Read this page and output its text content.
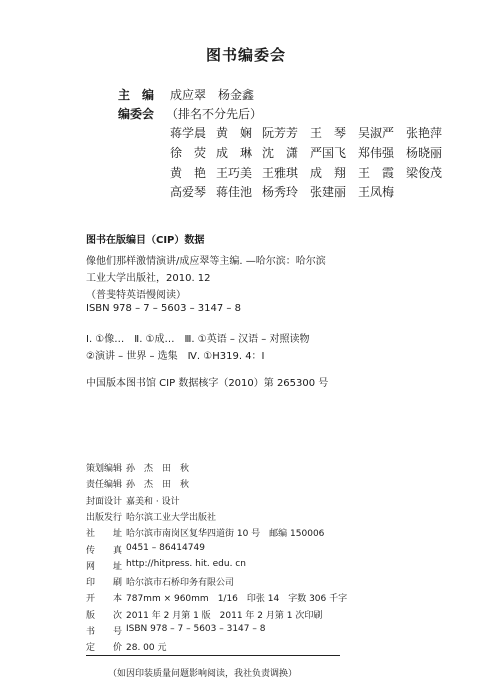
图书编委会
主　编 成应翠　杨金鑫
编委会 （排名不分先后）
蒋学晨 黄　娴 阮芳芳 王　琴 吴淑严 张艳萍
徐　荧 成　琳 沈　潇 严国飞 郑伟强 杨晓丽
黄　艳 王巧美 王雅琪 成　翔 王　霞 梁俊茂
高爱琴 蒋佳池 杨秀玲 张建丽 王凤梅
图书在版编目（CIP）数据
像他们那样激情演讲/成应翠等主编. —哈尔滨：哈尔滨
工业大学出版社，2010. 12
（普斐特英语慢阅读）
ISBN 978 – 7 – 5603 – 3147 – 8
Ⅰ. ①像…　Ⅱ. ①成…　Ⅲ. ①英语 – 汉语 – 对照读物
②演讲 – 世界 – 选集　Ⅳ. ①H319. 4：Ⅰ
中国版本图书馆 CIP 数据核字（2010）第 265300 号
策划编辑 孙　杰　田　秋
责任编辑 孙　杰　田　秋
封面设计 嘉美和 · 设计
出版发行 哈尔滨工业大学出版社
社　　址 哈尔滨市南岗区复华四道街 10 号　邮编 150006
传　　真 0451 – 86414749
网　　址 http://hitpress. hit. edu. cn
印　　刷 哈尔滨市石桥印务有限公司
开　　本 787mm × 960mm　1/16　印张 14　字数 306 千字
版　　次 2011 年 2 月第 1 版　2011 年 2 月第 1 次印刷
书　　号 ISBN 978 – 7 – 5603 – 3147 – 8
定　　价 28. 00 元
（如因印装质量问题影响阅读，我社负责调换）
